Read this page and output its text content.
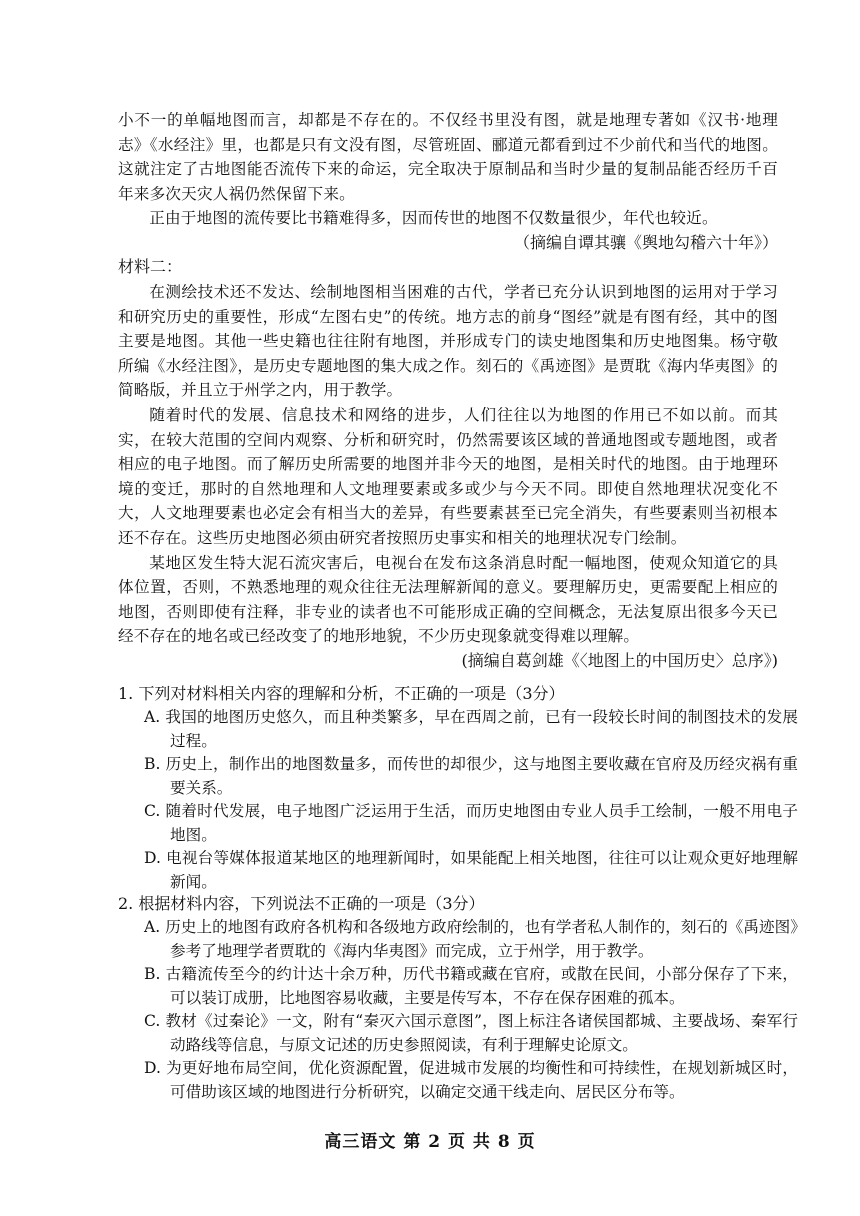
小不一的单幅地图而言，却都是不存在的。不仅经书里没有图，就是地理专著如《汉书·地理志》《水经注》里，也都是只有文没有图，尽管班固、郦道元都看到过不少前代和当代的地图。这就注定了古地图能否流传下来的命运，完全取决于原制品和当时少量的复制品能否经历千百年来多次天灾人祸仍然保留下来。

正由于地图的流传要比书籍难得多，因而传世的地图不仅数量很少，年代也较近。

（摘编自谭其骧《舆地勾稽六十年》）

材料二：

在测绘技术还不发达、绘制地图相当困难的古代，学者已充分认识到地图的运用对于学习和研究历史的重要性，形成“左图右史”的传统。地方志的前身“图经”就是有图有经，其中的图主要是地图。其他一些史籍也往往附有地图，并形成专门的读史地图集和历史地图集。杨守敬所编《水经注图》，是历史专题地图的集大成之作。刻石的《禹迹图》是贾耽《海内华夷图》的简略版，并且立于州学之内，用于教学。

随着时代的发展、信息技术和网络的进步，人们往往以为地图的作用已不如以前。而其实，在较大范围的空间内观察、分析和研究时，仍然需要该区域的普通地图或专题地图，或者相应的电子地图。而了解历史所需要的地图并非今天的地图，是相关时代的地图。由于地理环境的变迁，那时的自然地理和人文地理要素或多或少与今天不同。即使自然地理状况变化不大，人文地理要素也必定会有相当大的差异，有些要素甚至已完全消失，有些要素则当初根本还不存在。这些历史地图必须由研究者按照历史事实和相关的地理状况专门绘制。

某地区发生特大泥石流灾害后，电视台在发布这条消息时配一幅地图，使观众知道它的具体位置，否则，不熟悉地理的观众往往无法理解新闻的意义。要理解历史，更需要配上相应的地图，否则即使有注释，非专业的读者也不可能形成正确的空间概念，无法复原出很多今天已经不存在的地名或已经改变了的地形地貌，不少历史现象就变得难以理解。

(摘编自葛剑雄《〈地图上的中国历史〉总序》)

1. 下列对材料相关内容的理解和分析，不正确的一项是（3分）

A. 我国的地图历史悠久，而且种类繁多，早在西周之前，已有一段较长时间的制图技术的发展过程。

B. 历史上，制作出的地图数量多，而传世的却很少，这与地图主要收藏在官府及历经灾祸有重要关系。

C. 随着时代发展，电子地图广泛运用于生活，而历史地图由专业人员手工绘制，一般不用电子地图。

D. 电视台等媒体报道某地区的地理新闻时，如果能配上相关地图，往往可以让观众更好地理解新闻。

2. 根据材料内容，下列说法不正确的一项是（3分）

A. 历史上的地图有政府各机构和各级地方政府绘制的，也有学者私人制作的，刻石的《禹迹图》参考了地理学者贾耽的《海内华夷图》而完成，立于州学，用于教学。

B. 古籍流传至今的约计达十余万种，历代书籍或藏在官府，或散在民间，小部分保存了下来，可以装订成册，比地图容易收藏，主要是传写本，不存在保存困难的孤本。

C. 教材《过秦论》一文，附有“秦灭六国示意图”，图上标注各诸侯国都城、主要战场、秦军行动路线等信息，与原文记述的历史参照阅读，有利于理解史论原文。

D. 为更好地布局空间，优化资源配置，促进城市发展的均衡性和可持续性，在规划新城区时，可借助该区域的地图进行分析研究，以确定交通干线走向、居民区分布等。

高三语文 第 2 页 共 8 页
